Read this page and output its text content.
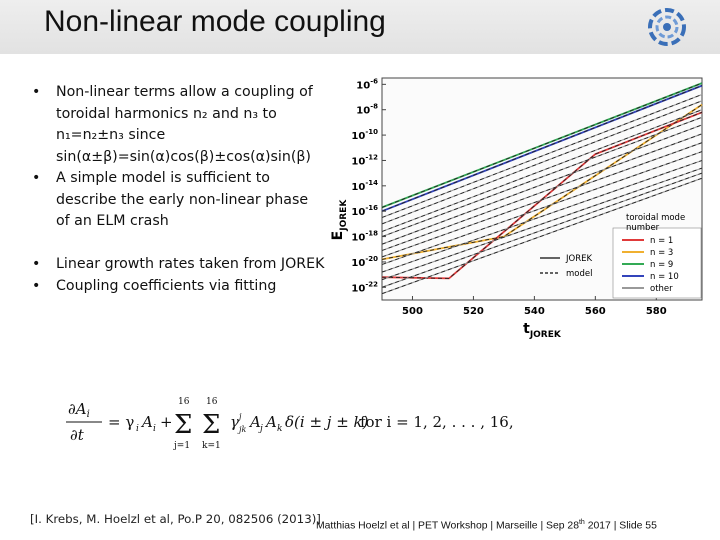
Non-linear mode coupling
• Non-linear terms allow a coupling of toroidal harmonics n₂ and n₃ to n₁=n₂±n₃ since sin(α±β)=sin(α)cos(β)±cos(α)sin(β)
• A simple model is sufficient to describe the early non-linear phase of an ELM crash
• Linear growth rates taken from JOREK
• Coupling coefficients via fitting
$10^{-6}$
$10^{-8}$
$10^{-10}$
$10^{-12}$
$10^{-14}$
$10^{-16}$
$10^{-18}$
$10^{-20}$
$10^{-22}$
500	520	540	560	580
$E_{JOREK}$
$t_{JOREK}$
toroidal mode
number
n = 1
n = 3
n = 9
n = 10
other
JOREK
model
$\partial A_i$
∂t
= γ i A i +
16
Σ
j=1
16
Σ
k=1
γ j
jk A j A k δ(i ± j ± k)
for i = 1, 2, . . . , 16,
[I. Krebs, M. Hoelzl et al, Po.P 20, 082506 (2013)]
Matthias Hoelzl et al | PET Workshop | Marseille | Sep 28th 2017 | Slide 55
